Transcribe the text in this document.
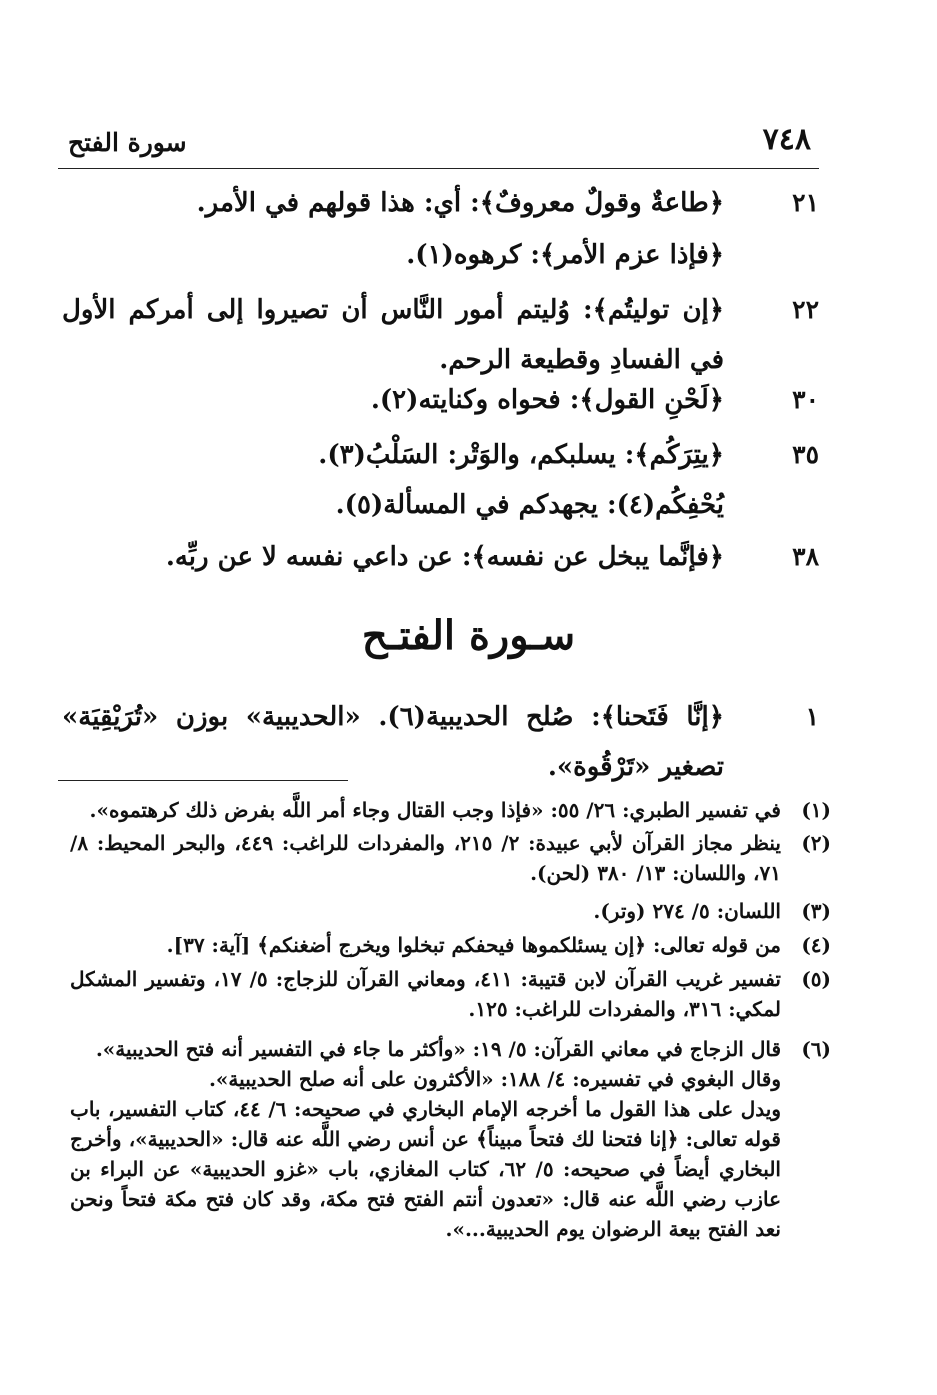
٧٤٨
سورة الفتح
٢١
﴿طاعةٌ وقولٌ معروفٌ﴾: أي: هذا قولهم في الأمر.
﴿فإذا عزم الأمر﴾: كرهوه(١).
٢٢
﴿إن توليتُم﴾: وُليتم أمور النَّاس أن تصيروا إلى أمركم الأول في الفسادِ وقطيعة الرحم.
٣٠
﴿لَحْنِ القول﴾: فحواه وكنايته(٢).
٣٥
﴿يتِرَكُم﴾: يسلبكم، والوَتْر: السَلْبُ(٣).
يُحْفِكُم(٤): يجهدكم في المسألة(٥).
٣٨
﴿فإنَّما يبخل عن نفسه﴾: عن داعي نفسه لا عن ربِّه.
سـورة الفتـح
١
﴿إنَّا فَتَحنا﴾: صُلح الحديبية(٦). «الحديبية» بوزن «تُرَيْقِيَة» تصغير «تَرْقُوة».
(١)
في تفسير الطبري: ٢٦/ ٥٥: «فإذا وجب القتال وجاء أمر اللَّه بفرض ذلك كرهتموه».
(٢)
ينظر مجاز القرآن لأبي عبيدة: ٢/ ٢١٥، والمفردات للراغب: ٤٤٩، والبحر المحيط: ٨/ ٧١، واللسان: ١٣/ ٣٨٠ (لحن).
(٣)
اللسان: ٥/ ٢٧٤ (وتر).
(٤)
من قوله تعالى: ﴿إن يسئلكموها فيحفكم تبخلوا ويخرج أضغنكم﴾ [آية: ٣٧].
(٥)
تفسير غريب القرآن لابن قتيبة: ٤١١، ومعاني القرآن للزجاج: ٥/ ١٧، وتفسير المشكل لمكي: ٣١٦، والمفردات للراغب: ١٢٥.
(٦)
قال الزجاج في معاني القرآن: ٥/ ١٩: «وأكثر ما جاء في التفسير أنه فتح الحديبية».
وقال البغوي في تفسيره: ٤/ ١٨٨: «الأكثرون على أنه صلح الحديبية».
ويدل على هذا القول ما أخرجه الإمام البخاري في صحيحه: ٦/ ٤٤، كتاب التفسير، باب قوله تعالى: ﴿إنا فتحنا لك فتحاً مبيناً﴾ عن أنس رضي اللَّه عنه قال: «الحديبية»، وأخرج البخاري أيضاً في صحيحه: ٥/ ٦٢، كتاب المغازي، باب «غزو الحديبية» عن البراء بن عازب رضي اللَّه عنه قال: «تعدون أنتم الفتح فتح مكة، وقد كان فتح مكة فتحاً ونحن نعد الفتح بيعة الرضوان يوم الحديبية...».
